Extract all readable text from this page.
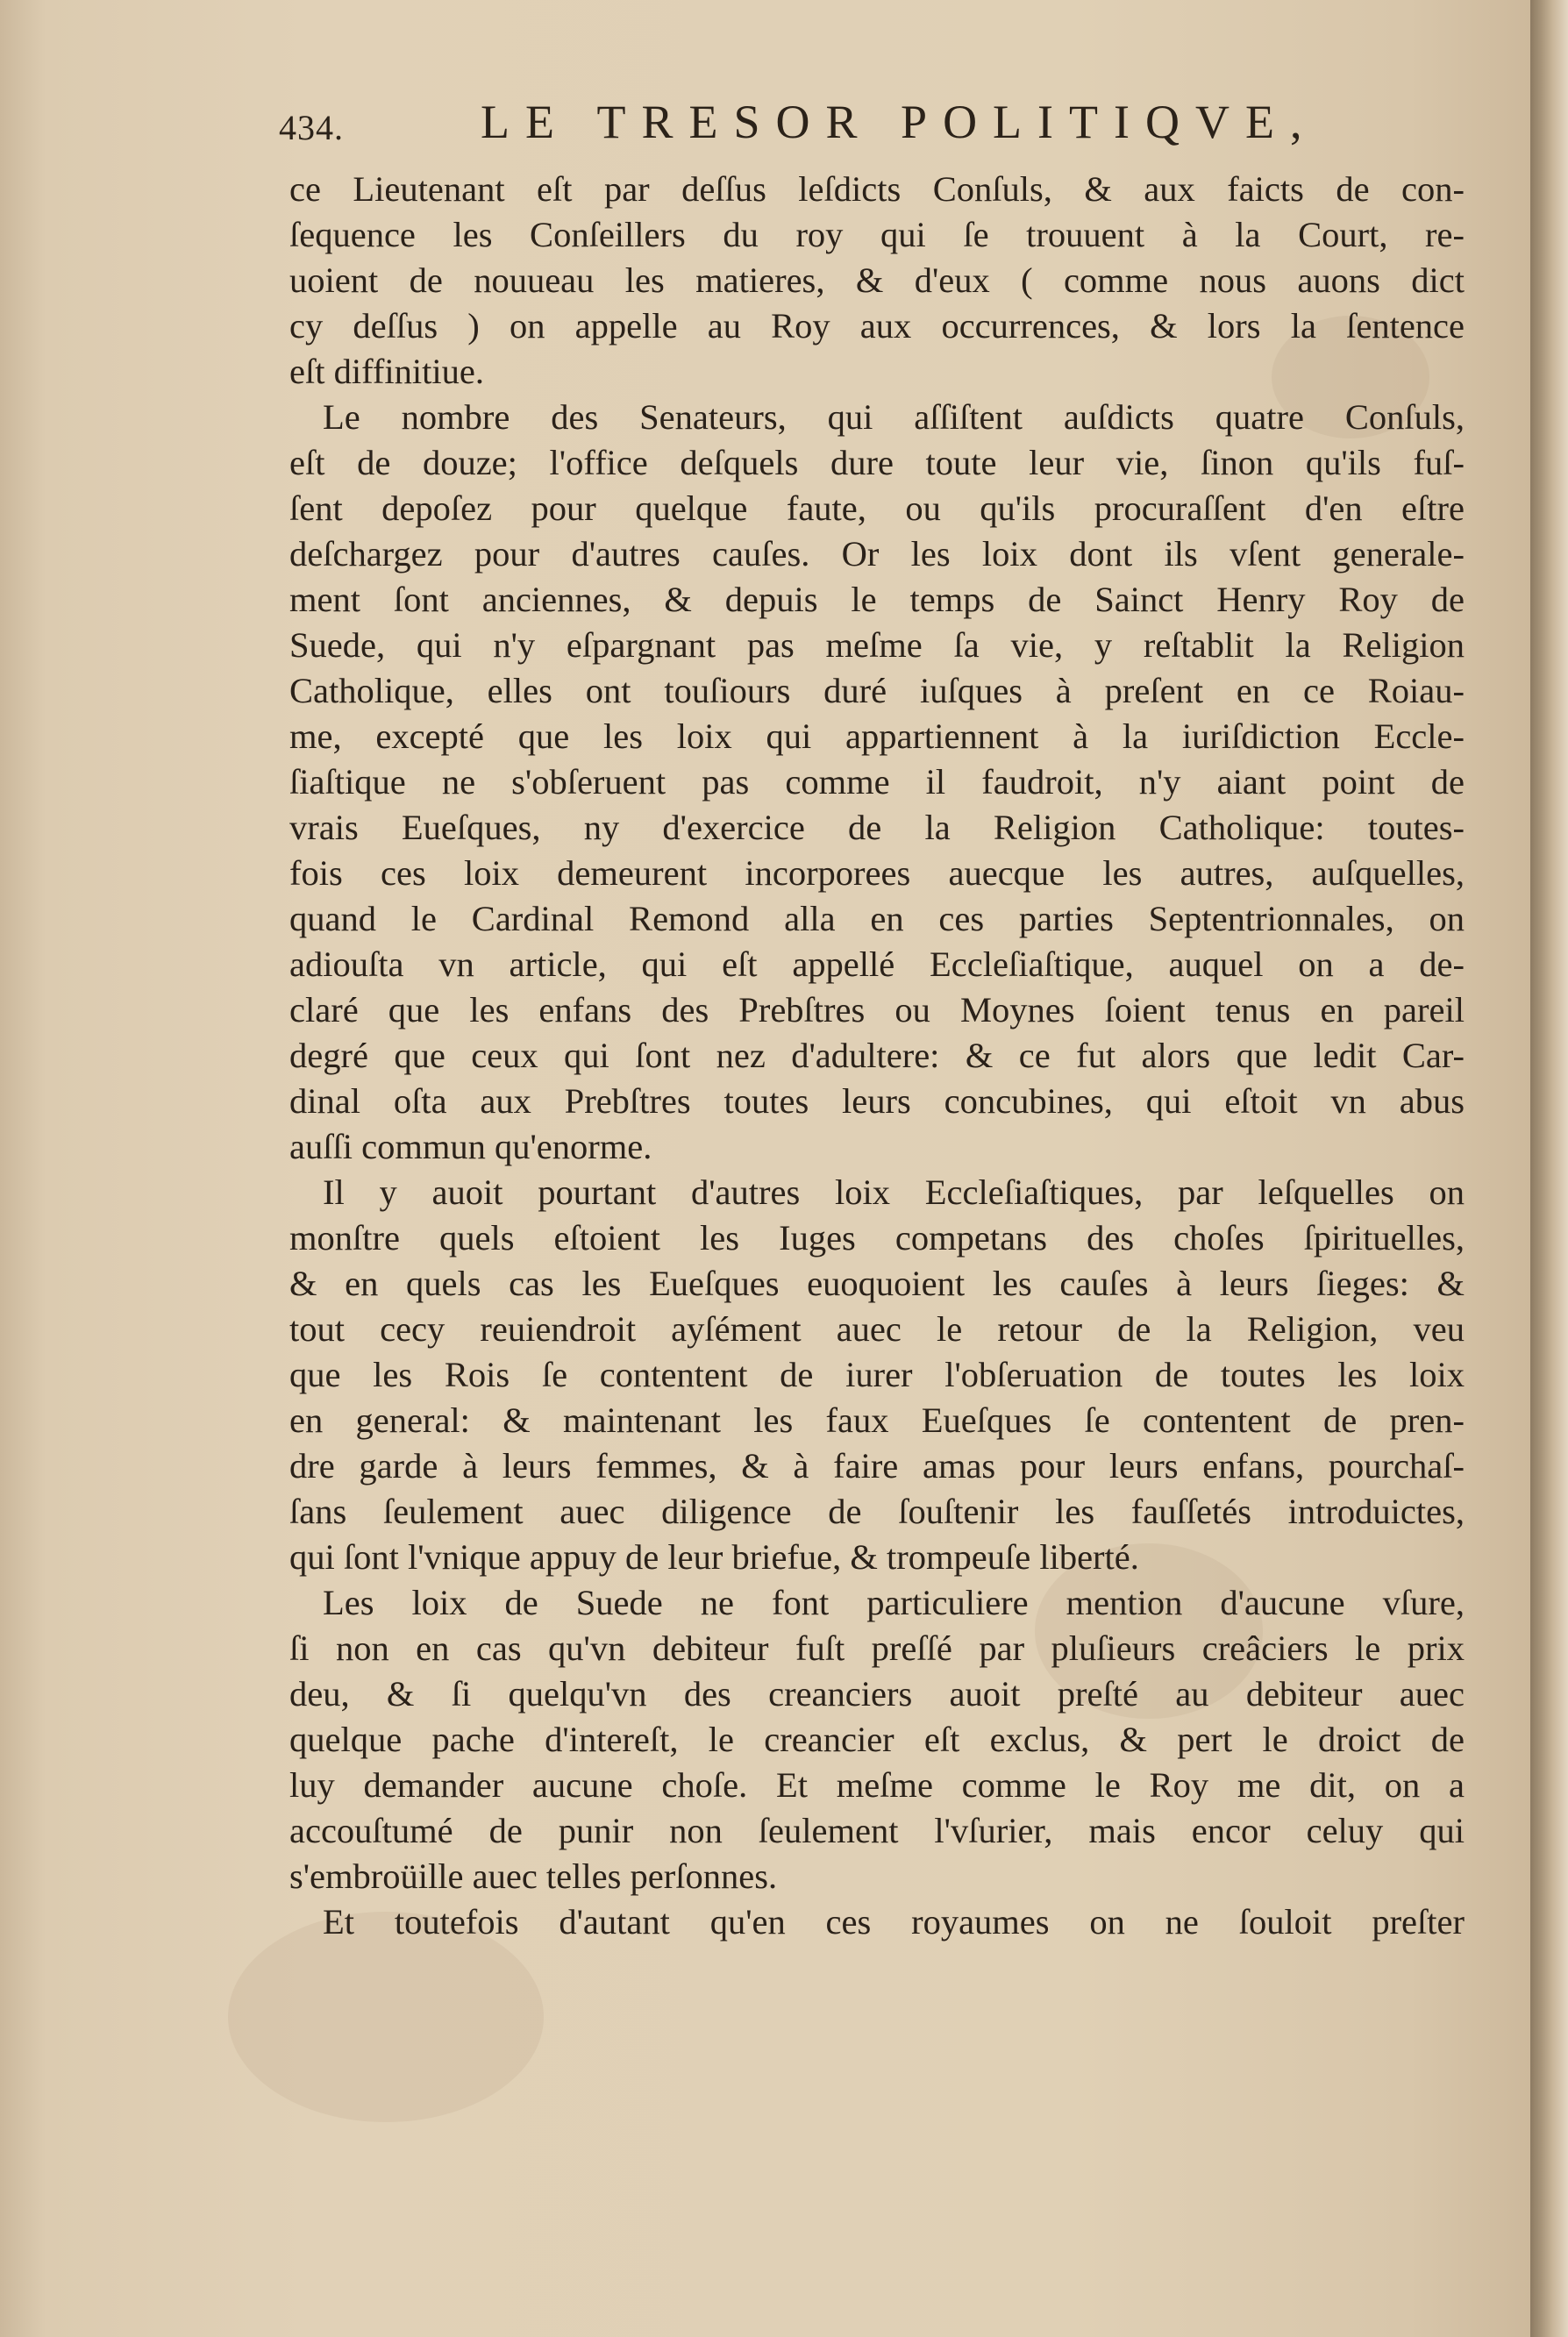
434.	LE TRESOR POLITIQVE,
ce Lieutenant eſt par deſſus leſdicts Conſuls, & aux faicts de con-
ſequence les Conſeillers du roy qui ſe trouuent à la Court, re-
uoient de nouueau les matieres, & d'eux ( comme nous auons dict
cy deſſus ) on appelle au Roy aux occurrences, & lors la ſentence
eſt diffinitiue.
Le nombre des Senateurs, qui aſſiſtent auſdicts quatre Conſuls,
eſt de douze; l'office deſquels dure toute leur vie, ſinon qu'ils fuſ-
ſent depoſez pour quelque faute, ou qu'ils procuraſſent d'en eſtre
deſchargez pour d'autres cauſes. Or les loix dont ils vſent generale-
ment ſont anciennes, & depuis le temps de Sainct Henry Roy de
Suede, qui n'y eſpargnant pas meſme ſa vie, y reſtablit la Religion
Catholique, elles ont touſiours duré iuſques à preſent en ce Roiau-
me, excepté que les loix qui appartiennent à la iuriſdiction Eccle-
ſiaſtique ne s'obſeruent pas comme il faudroit, n'y aiant point de
vrais Eueſques, ny d'exercice de la Religion Catholique: toutes-
fois ces loix demeurent incorporees auecque les autres, auſquelles,
quand le Cardinal Remond alla en ces parties Septentrionnales, on
adiouſta vn article, qui eſt appellé Eccleſiaſtique, auquel on a de-
claré que les enfans des Prebſtres ou Moynes ſoient tenus en pareil
degré que ceux qui ſont nez d'adultere: & ce fut alors que ledit Car-
dinal oſta aux Prebſtres toutes leurs concubines, qui eſtoit vn abus
auſſi commun qu'enorme.
Il y auoit pourtant d'autres loix Eccleſiaſtiques, par leſquelles on
monſtre quels eſtoient les Iuges competans des choſes ſpirituelles,
& en quels cas les Eueſques euoquoient les cauſes à leurs ſieges: &
tout cecy reuiendroit ayſément auec le retour de la Religion, veu
que les Rois ſe contentent de iurer l'obſeruation de toutes les loix
en general: & maintenant les faux Eueſques ſe contentent de pren-
dre garde à leurs femmes, & à faire amas pour leurs enfans, pourchaſ-
ſans ſeulement auec diligence de ſouſtenir les fauſſetés introduictes,
qui ſont l'vnique appuy de leur briefue, & trompeuſe liberté.
Les loix de Suede ne font particuliere mention d'aucune vſure,
ſi non en cas qu'vn debiteur fuſt preſſé par pluſieurs creâciers le prix
deu, & ſi quelqu'vn des creanciers auoit preſté au debiteur auec
quelque pache d'intereſt, le creancier eſt exclus, & pert le droict de
luy demander aucune choſe. Et meſme comme le Roy me dit, on a
accouſtumé de punir non ſeulement l'vſurier, mais encor celuy qui
s'embroüille auec telles perſonnes.
Et toutefois d'autant qu'en ces royaumes on ne ſouloit preſter
